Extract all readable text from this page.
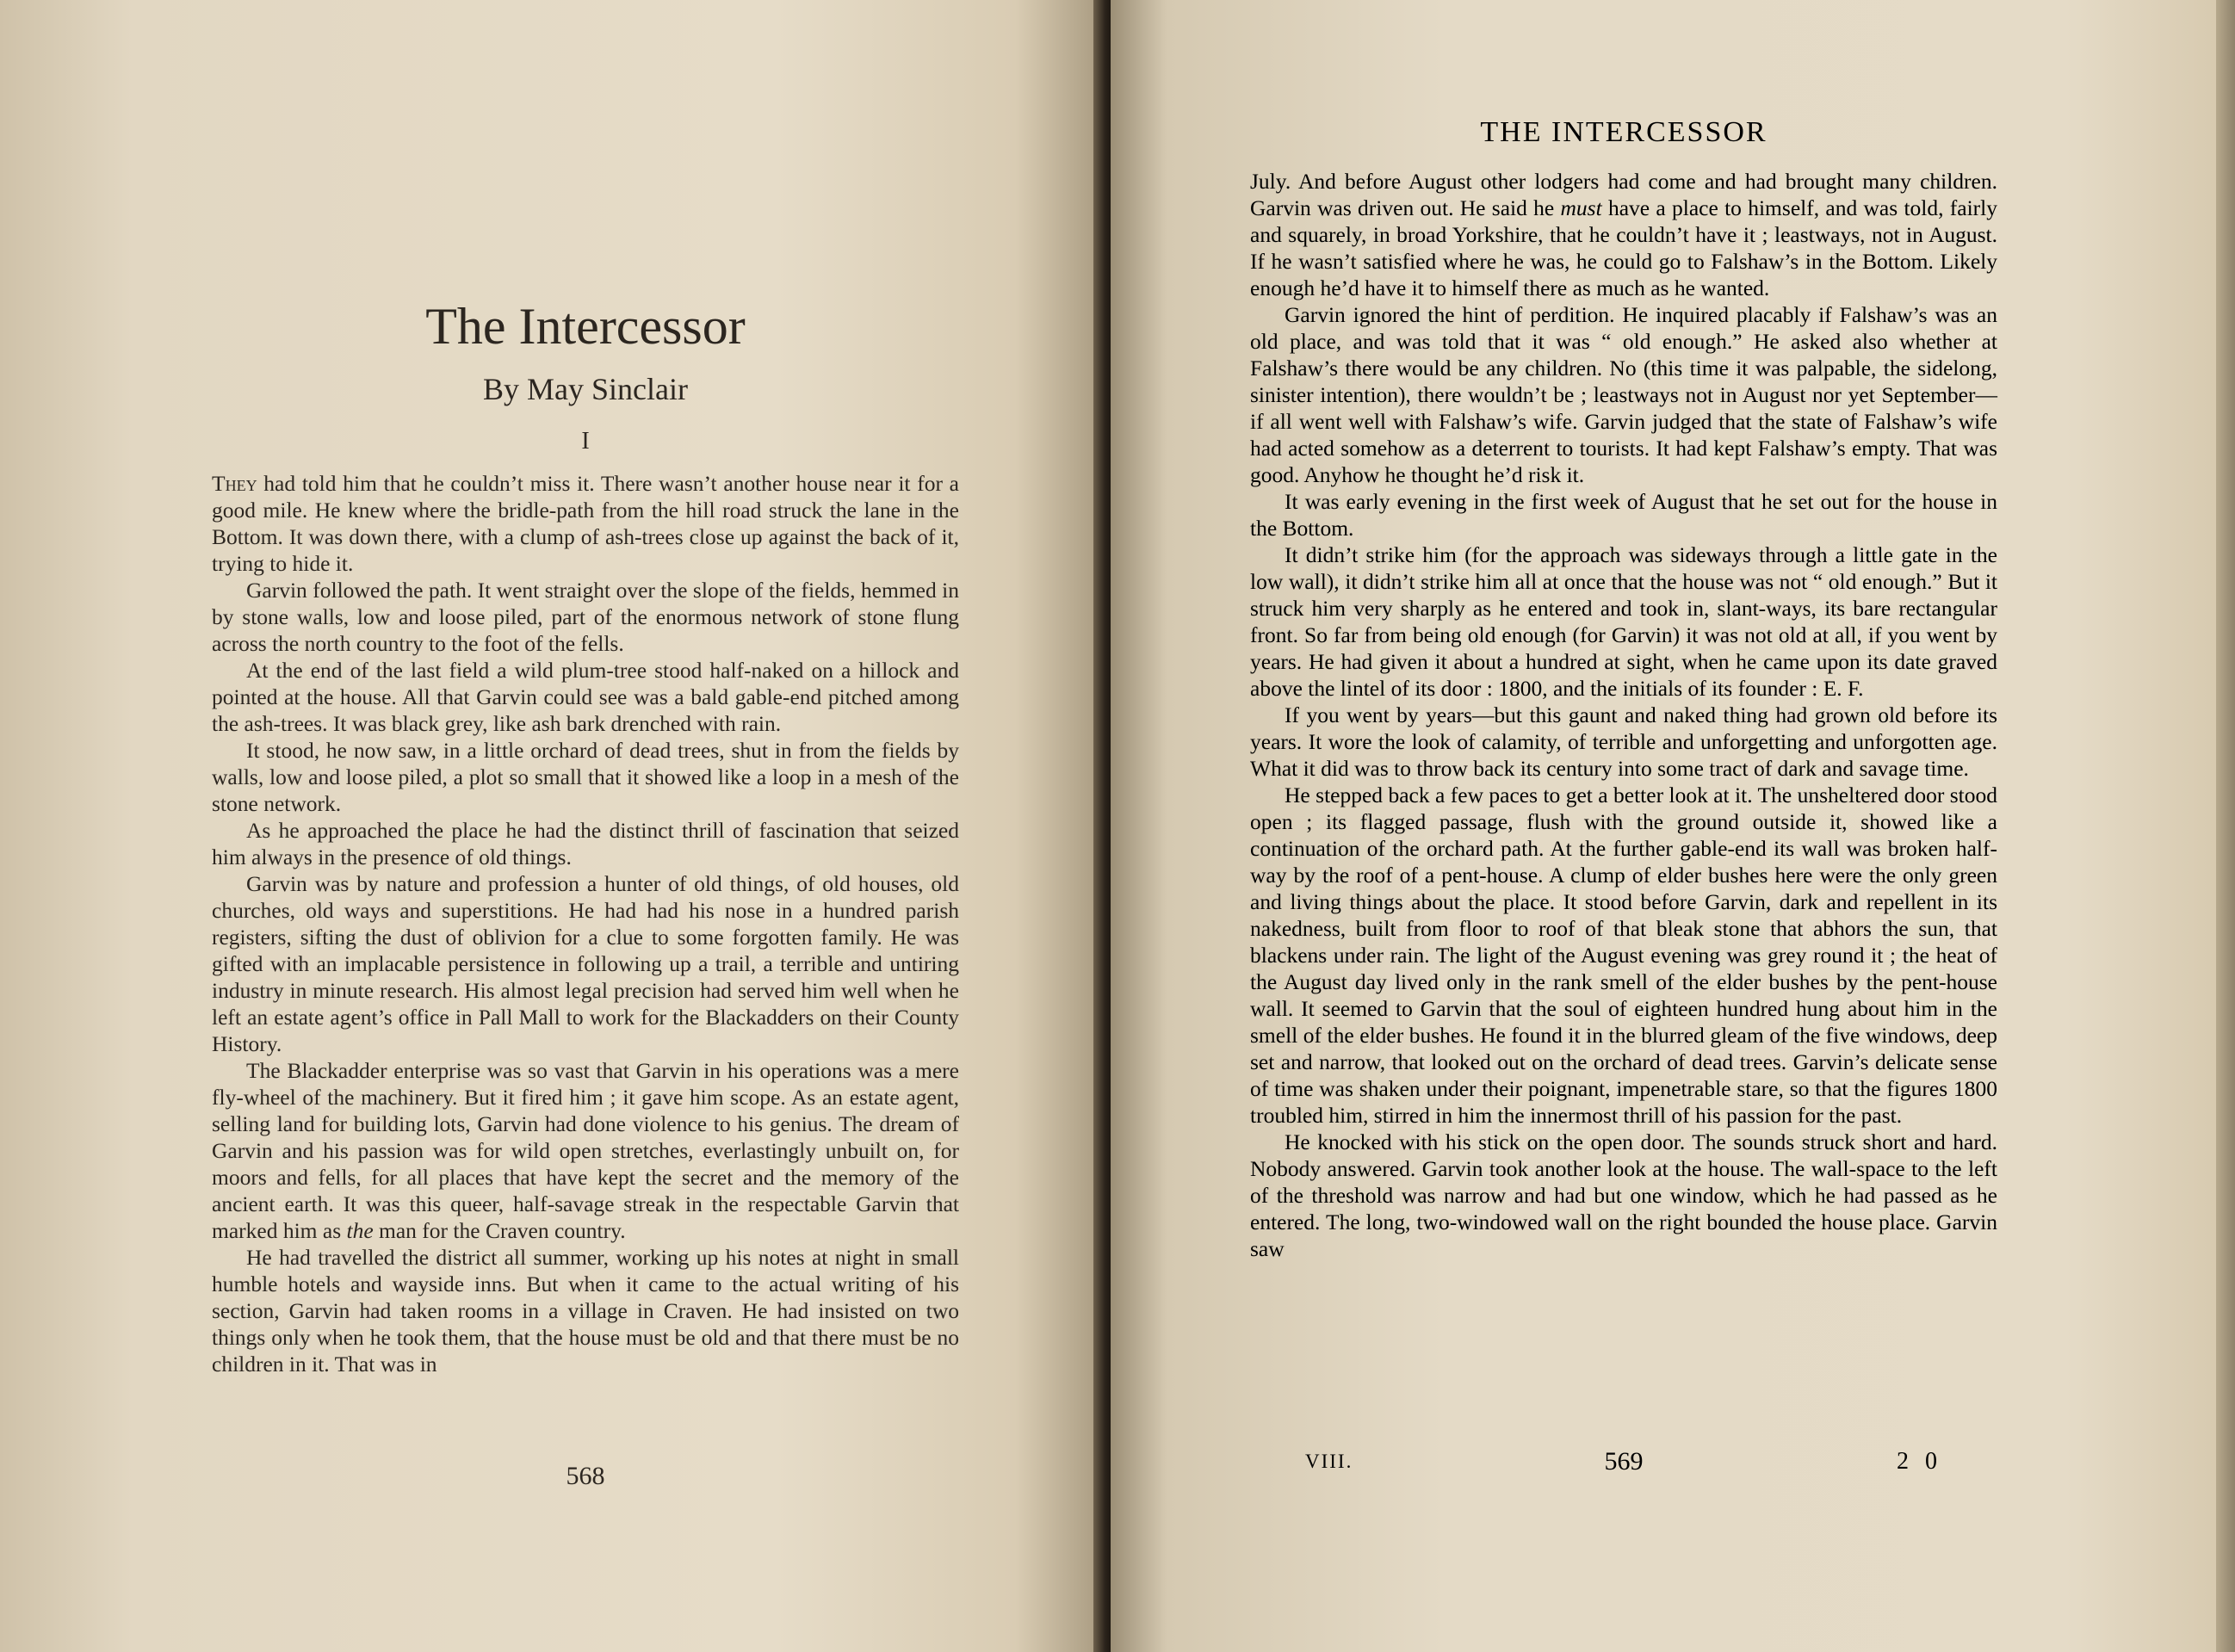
The Intercessor
By May Sinclair
I

They had told him that he couldn’t miss it. There wasn’t another house near it for a good mile. He knew where the bridle-path from the hill road struck the lane in the Bottom. It was down there, with a clump of ash-trees close up against the back of it, trying to hide it.

Garvin followed the path. It went straight over the slope of the fields, hemmed in by stone walls, low and loose piled, part of the enormous network of stone flung across the north country to the foot of the fells.

At the end of the last field a wild plum-tree stood half-naked on a hillock and pointed at the house. All that Garvin could see was a bald gable-end pitched among the ash-trees. It was black grey, like ash bark drenched with rain.

It stood, he now saw, in a little orchard of dead trees, shut in from the fields by walls, low and loose piled, a plot so small that it showed like a loop in a mesh of the stone network.

As he approached the place he had the distinct thrill of fascination that seized him always in the presence of old things.

Garvin was by nature and profession a hunter of old things, of old houses, old churches, old ways and superstitions. He had had his nose in a hundred parish registers, sifting the dust of oblivion for a clue to some forgotten family. He was gifted with an implacable persistence in following up a trail, a terrible and untiring industry in minute research. His almost legal precision had served him well when he left an estate agent’s office in Pall Mall to work for the Blackadders on their County History.

The Blackadder enterprise was so vast that Garvin in his operations was a mere fly-wheel of the machinery. But it fired him ; it gave him scope. As an estate agent, selling land for building lots, Garvin had done violence to his genius. The dream of Garvin and his passion was for wild open stretches, everlastingly unbuilt on, for moors and fells, for all places that have kept the secret and the memory of the ancient earth. It was this queer, half-savage streak in the respectable Garvin that marked him as the man for the Craven country.

He had travelled the district all summer, working up his notes at night in small humble hotels and wayside inns. But when it came to the actual writing of his section, Garvin had taken rooms in a village in Craven. He had insisted on two things only when he took them, that the house must be old and that there must be no children in it. That was in

568
THE INTERCESSOR

July. And before August other lodgers had come and had brought many children. Garvin was driven out. He said he must have a place to himself, and was told, fairly and squarely, in broad Yorkshire, that he couldn’t have it ; leastways, not in August. If he wasn’t satisfied where he was, he could go to Falshaw’s in the Bottom. Likely enough he’d have it to himself there as much as he wanted.

Garvin ignored the hint of perdition. He inquired placably if Falshaw’s was an old place, and was told that it was “ old enough.” He asked also whether at Falshaw’s there would be any children. No (this time it was palpable, the sidelong, sinister intention), there wouldn’t be ; leastways not in August nor yet September—if all went well with Falshaw’s wife. Garvin judged that the state of Falshaw’s wife had acted somehow as a deterrent to tourists. It had kept Falshaw’s empty. That was good. Anyhow he thought he’d risk it.

It was early evening in the first week of August that he set out for the house in the Bottom.

It didn’t strike him (for the approach was sideways through a little gate in the low wall), it didn’t strike him all at once that the house was not “ old enough.” But it struck him very sharply as he entered and took in, slant-ways, its bare rectangular front. So far from being old enough (for Garvin) it was not old at all, if you went by years. He had given it about a hundred at sight, when he came upon its date graved above the lintel of its door : 1800, and the initials of its founder : E. F.

If you went by years—but this gaunt and naked thing had grown old before its years. It wore the look of calamity, of terrible and unforgetting and unforgotten age. What it did was to throw back its century into some tract of dark and savage time.

He stepped back a few paces to get a better look at it. The unsheltered door stood open ; its flagged passage, flush with the ground outside it, showed like a continuation of the orchard path. At the further gable-end its wall was broken half-way by the roof of a pent-house. A clump of elder bushes here were the only green and living things about the place. It stood before Garvin, dark and repellent in its nakedness, built from floor to roof of that bleak stone that abhors the sun, that blackens under rain. The light of the August evening was grey round it ; the heat of the August day lived only in the rank smell of the elder bushes by the pent-house wall. It seemed to Garvin that the soul of eighteen hundred hung about him in the smell of the elder bushes. He found it in the blurred gleam of the five windows, deep set and narrow, that looked out on the orchard of dead trees. Garvin’s delicate sense of time was shaken under their poignant, impenetrable stare, so that the figures 1800 troubled him, stirred in him the innermost thrill of his passion for the past.

He knocked with his stick on the open door. The sounds struck short and hard. Nobody answered. Garvin took another look at the house. The wall-space to the left of the threshold was narrow and had but one window, which he had passed as he entered. The long, two-windowed wall on the right bounded the house place. Garvin saw

VIII.	569	2 0
